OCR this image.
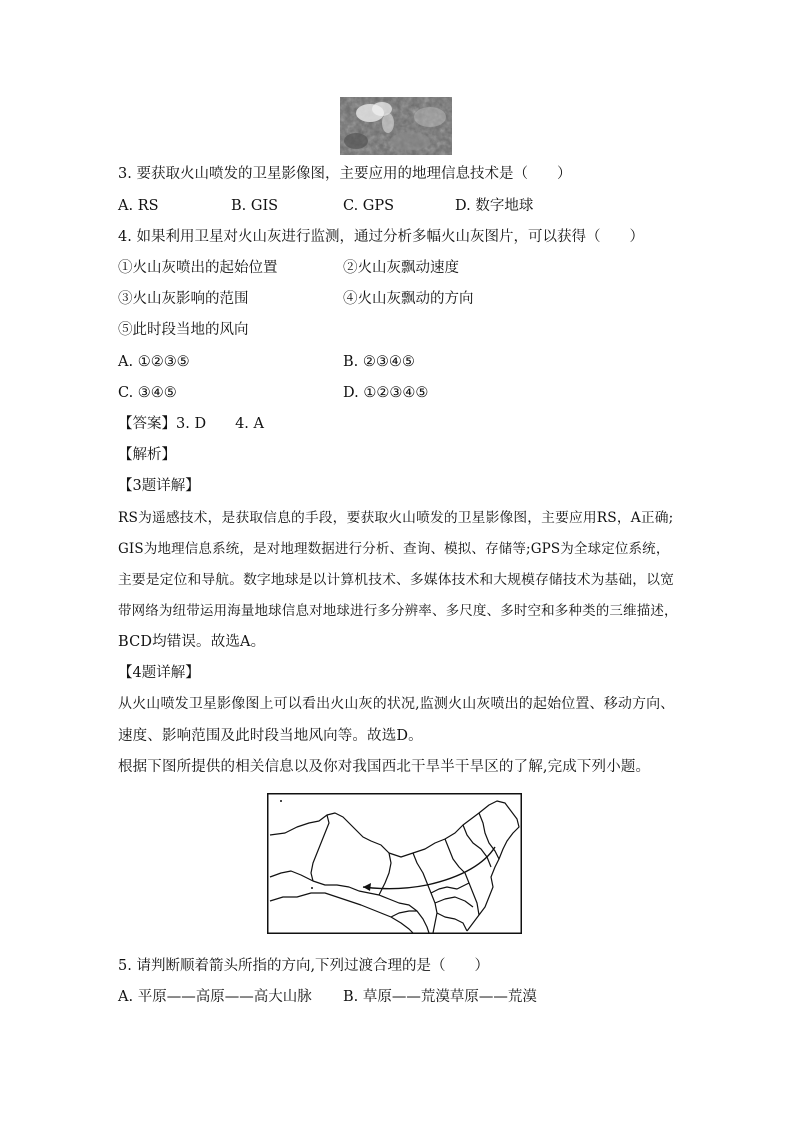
3. 要获取火山喷发的卫星影像图，主要应用的地理信息技术是（　　）
A. RS	B. GIS	C. GPS	D. 数字地球
4. 如果利用卫星对火山灰进行监测，通过分析多幅火山灰图片，可以获得（　　）
①火山灰喷出的起始位置	②火山灰飘动速度
③火山灰影响的范围	④火山灰飘动的方向
⑤此时段当地的风向
A. ①②③⑤	B. ②③④⑤
C. ③④⑤	D. ①②③④⑤
【答案】3. D　　4. A
【解析】
【3题详解】
RS为遥感技术，是获取信息的手段，要获取火山喷发的卫星影像图，主要应用RS，A正确;
GIS为地理信息系统，是对地理数据进行分析、查询、模拟、存储等;GPS为全球定位系统，
主要是定位和导航。数字地球是以计算机技术、多媒体技术和大规模存储技术为基础，以宽
带网络为纽带运用海量地球信息对地球进行多分辨率、多尺度、多时空和多种类的三维描述，
BCD均错误。故选A。
【4题详解】
从火山喷发卫星影像图上可以看出火山灰的状况,监测火山灰喷出的起始位置、移动方向、
速度、影响范围及此时段当地风向等。故选D。
根据下图所提供的相关信息以及你对我国西北干旱半干旱区的了解,完成下列小题。
5. 请判断顺着箭头所指的方向,下列过渡合理的是（　　）
A. 平原——高原——高大山脉 B. 草原——荒漠草原——荒漠
